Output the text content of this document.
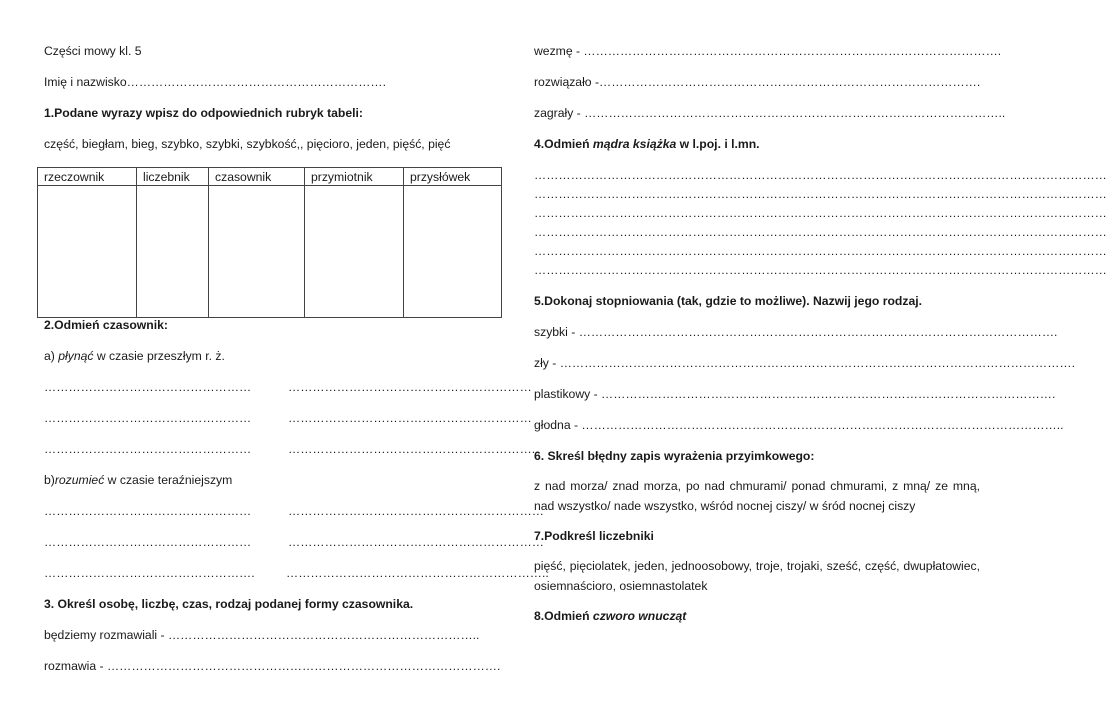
Części mowy kl. 5
Imię i nazwisko……………………………………………………….
1.Podane wyrazy wpisz do odpowiednich rubryk tabeli:
część, biegłam, bieg, szybko, szybki, szybkość,, pięcioro, jeden, pięść, pięć
rzeczownik	liczebnik	czasownik	przymiotnik	przysłówek

2.Odmień czasownik:
a) płynąć w czasie przeszłym r. ż.
……………………………………………	……………………………………………………
……………………………………………	……………………………………………………
……………………………………………	…………………………………………………….
b)rozumieć w czasie teraźniejszym
……………………………………………	………………………………………………………
……………………………………………	………………………………………………………
…………………………………………….	………………………………………………………..
3. Określ osobę, liczbę, czas, rodzaj podanej formy czasownika.
będziemy rozmawiali - …………………………………………………………………..
rozmawia - …………………………………………………………………………………….
wezmę - ………………………………………………………………………………………….
rozwiązało -………………………………………………………………………………….
zagrały - …………………………………………………………………………………………..
4.Odmień mądra książka w l.poj. i l.mn.
……………………………………………………………………………………………………………………………
……………………………………………………………………………………………………………………………
……………………………………………………………………………………………………………………………
……………………………………………………………………………………………………………………………
……………………………………………………………………………………………………………………………
……………………………………………………………………………………………………………………………
5.Dokonaj stopniowania (tak, gdzie to możliwe). Nazwij jego rodzaj.
szybki - ……………………………………………………………………………………………………….
zły - ……………………………………………………………………………………………………………….
plastikowy - ………………………………………………………………………………………………….
głodna - ………………………………………………………………………………………………………..
6. Skreśl błędny zapis wyrażenia przyimkowego:
z nad morza/ znad morza, po nad chmurami/ ponad chmurami, z mną/ ze mną, nad wszystko/ nade wszystko, wśród nocnej ciszy/ w śród nocnej ciszy
7.Podkreśl liczebniki
pięść, pięciolatek, jeden, jednoosobowy, troje, trojaki, sześć, część, dwupłatowiec, osiemnaścioro, osiemnastolatek
8.Odmień czworo wnucząt
